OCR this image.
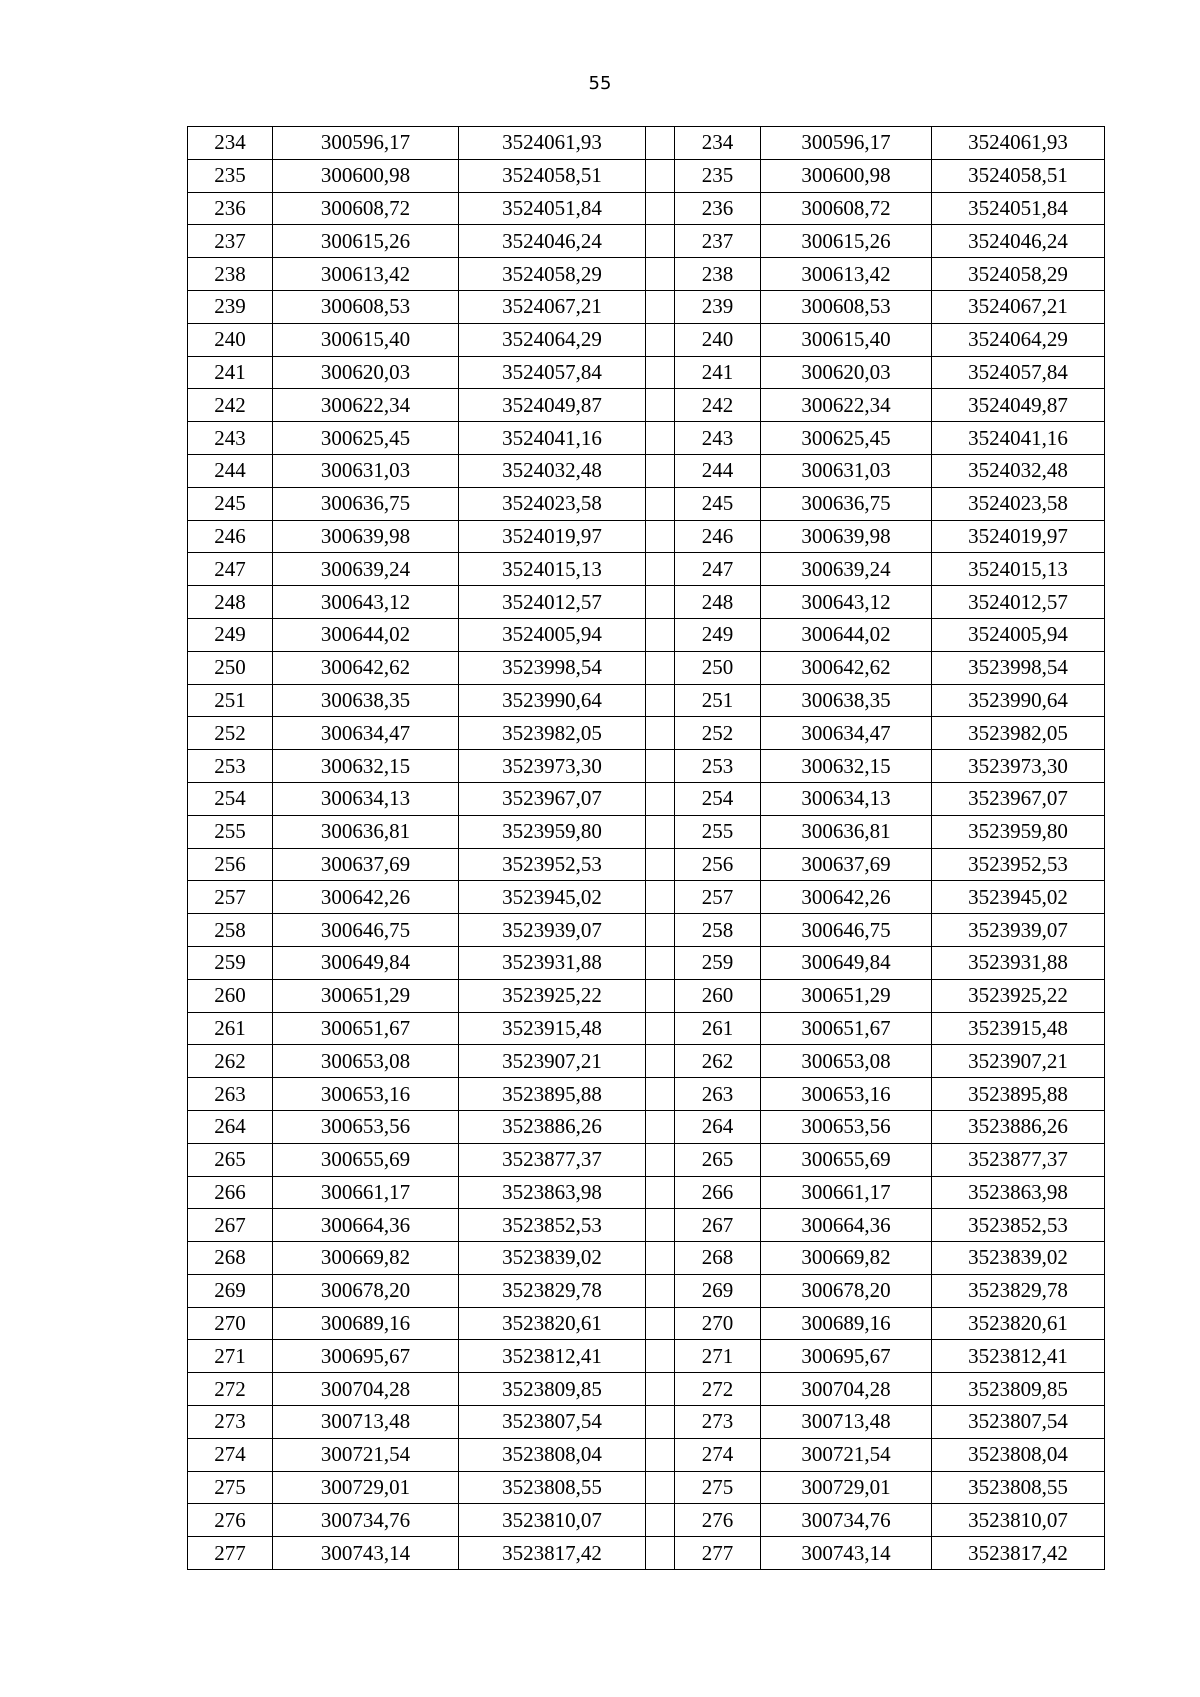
55
234	300596,17	3524061,93		234	300596,17	3524061,93
235	300600,98	3524058,51		235	300600,98	3524058,51
236	300608,72	3524051,84		236	300608,72	3524051,84
237	300615,26	3524046,24		237	300615,26	3524046,24
238	300613,42	3524058,29		238	300613,42	3524058,29
239	300608,53	3524067,21		239	300608,53	3524067,21
240	300615,40	3524064,29		240	300615,40	3524064,29
241	300620,03	3524057,84		241	300620,03	3524057,84
242	300622,34	3524049,87		242	300622,34	3524049,87
243	300625,45	3524041,16		243	300625,45	3524041,16
244	300631,03	3524032,48		244	300631,03	3524032,48
245	300636,75	3524023,58		245	300636,75	3524023,58
246	300639,98	3524019,97		246	300639,98	3524019,97
247	300639,24	3524015,13		247	300639,24	3524015,13
248	300643,12	3524012,57		248	300643,12	3524012,57
249	300644,02	3524005,94		249	300644,02	3524005,94
250	300642,62	3523998,54		250	300642,62	3523998,54
251	300638,35	3523990,64		251	300638,35	3523990,64
252	300634,47	3523982,05		252	300634,47	3523982,05
253	300632,15	3523973,30		253	300632,15	3523973,30
254	300634,13	3523967,07		254	300634,13	3523967,07
255	300636,81	3523959,80		255	300636,81	3523959,80
256	300637,69	3523952,53		256	300637,69	3523952,53
257	300642,26	3523945,02		257	300642,26	3523945,02
258	300646,75	3523939,07		258	300646,75	3523939,07
259	300649,84	3523931,88		259	300649,84	3523931,88
260	300651,29	3523925,22		260	300651,29	3523925,22
261	300651,67	3523915,48		261	300651,67	3523915,48
262	300653,08	3523907,21		262	300653,08	3523907,21
263	300653,16	3523895,88		263	300653,16	3523895,88
264	300653,56	3523886,26		264	300653,56	3523886,26
265	300655,69	3523877,37		265	300655,69	3523877,37
266	300661,17	3523863,98		266	300661,17	3523863,98
267	300664,36	3523852,53		267	300664,36	3523852,53
268	300669,82	3523839,02		268	300669,82	3523839,02
269	300678,20	3523829,78		269	300678,20	3523829,78
270	300689,16	3523820,61		270	300689,16	3523820,61
271	300695,67	3523812,41		271	300695,67	3523812,41
272	300704,28	3523809,85		272	300704,28	3523809,85
273	300713,48	3523807,54		273	300713,48	3523807,54
274	300721,54	3523808,04		274	300721,54	3523808,04
275	300729,01	3523808,55		275	300729,01	3523808,55
276	300734,76	3523810,07		276	300734,76	3523810,07
277	300743,14	3523817,42		277	300743,14	3523817,42
